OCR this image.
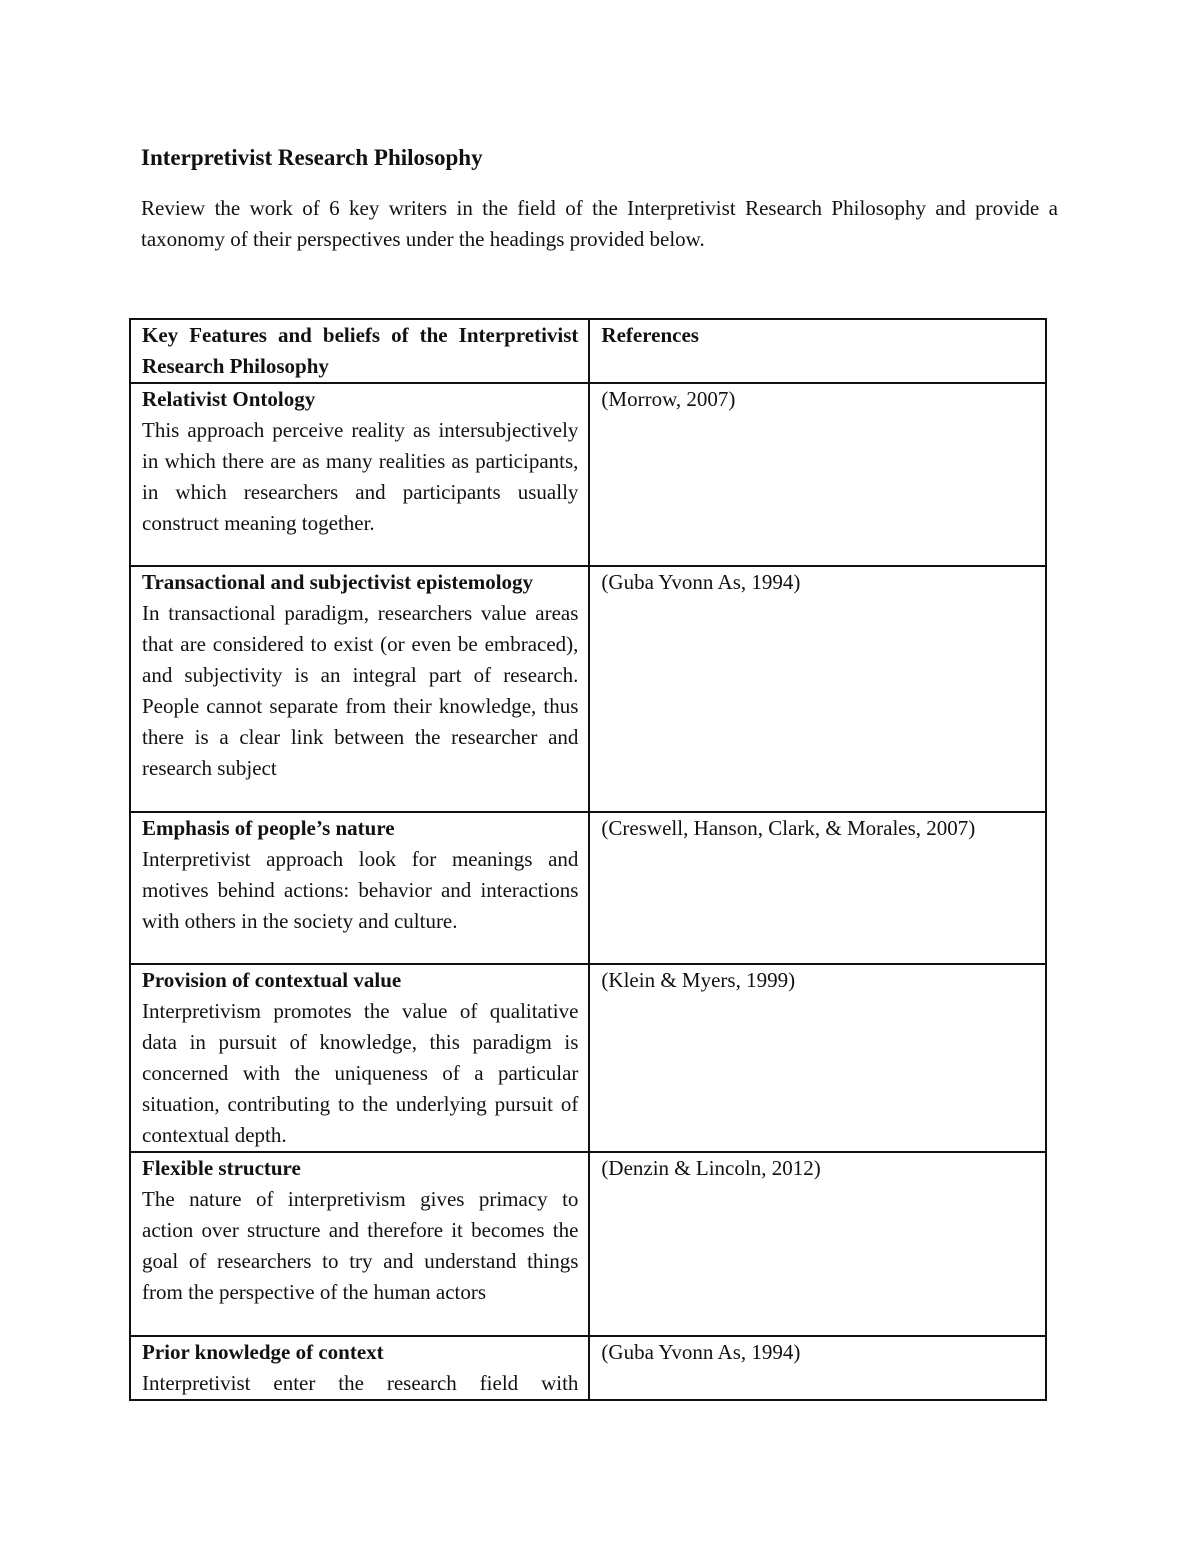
Interpretivist Research Philosophy

Review the work of 6 key writers in the field of the Interpretivist Research Philosophy and provide a taxonomy of their perspectives under the headings provided below.

Key Features and beliefs of the Interpretivist Research Philosophy	References

Relativist Ontology
This approach perceive reality as intersubjectively in which there are as many realities as participants, in which researchers and participants usually construct meaning together.	(Morrow, 2007)

Transactional and subjectivist epistemology
In transactional paradigm, researchers value areas that are considered to exist (or even be embraced), and subjectivity is an integral part of research. People cannot separate from their knowledge, thus there is a clear link between the researcher and research subject	(Guba Yvonn As, 1994)

Emphasis of people’s nature
Interpretivist approach look for meanings and motives behind actions: behavior and interactions with others in the society and culture.	(Creswell, Hanson, Clark, & Morales, 2007)

Provision of contextual value
Interpretivism promotes the value of qualitative data in pursuit of knowledge, this paradigm is concerned with the uniqueness of a particular situation, contributing to the underlying pursuit of contextual depth.	(Klein & Myers, 1999)

Flexible structure
The nature of interpretivism gives primacy to action over structure and therefore it becomes the goal of researchers to try and understand things from the perspective of the human actors	(Denzin & Lincoln, 2012)

Prior knowledge of context
Interpretivist enter the research field with	(Guba Yvonn As, 1994)
